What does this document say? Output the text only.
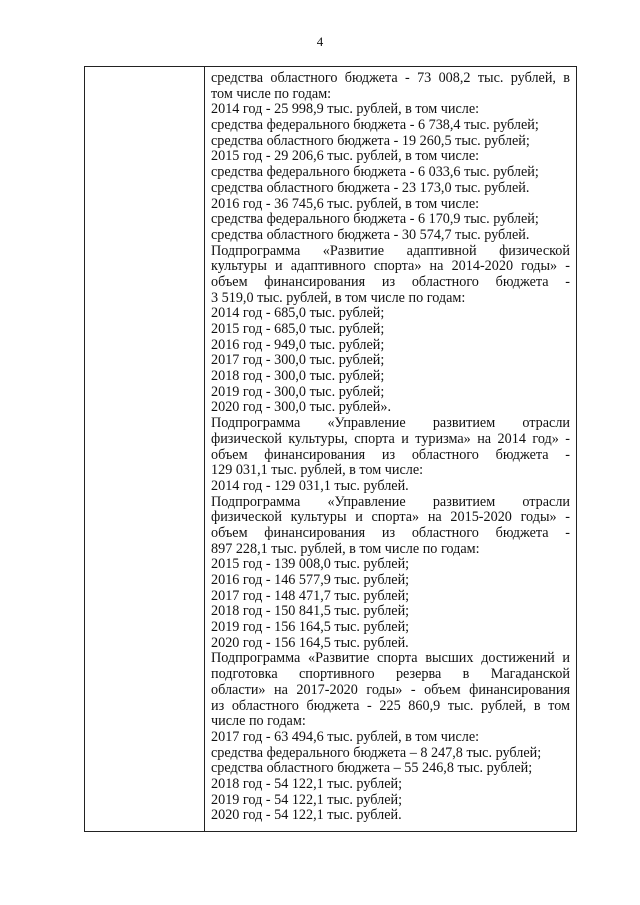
4
средства областного бюджета - 73 008,2 тыс. рублей, в
том числе по годам:
2014 год - 25 998,9 тыс. рублей, в том числе:
средства федерального бюджета - 6 738,4 тыс. рублей;
средства областного бюджета - 19 260,5 тыс. рублей;
2015 год - 29 206,6 тыс. рублей, в том числе:
средства федерального бюджета - 6 033,6 тыс. рублей;
средства областного бюджета - 23 173,0 тыс. рублей.
2016 год - 36 745,6 тыс. рублей, в том числе:
средства федерального бюджета - 6 170,9 тыс. рублей;
средства областного бюджета - 30 574,7 тыс. рублей.
Подпрограмма «Развитие адаптивной физической
культуры и адаптивного спорта» на 2014-2020 годы» -
объем финансирования из областного бюджета -
3 519,0 тыс. рублей, в том числе по годам:
2014 год - 685,0 тыс. рублей;
2015 год - 685,0 тыс. рублей;
2016 год - 949,0 тыс. рублей;
2017 год - 300,0 тыс. рублей;
2018 год - 300,0 тыс. рублей;
2019 год - 300,0 тыс. рублей;
2020 год - 300,0 тыс. рублей».
Подпрограмма «Управление развитием отрасли
физической культуры, спорта и туризма» на 2014 год» -
объем финансирования из областного бюджета -
129 031,1 тыс. рублей, в том числе:
2014 год - 129 031,1 тыс. рублей.
Подпрограмма «Управление развитием отрасли
физической культуры и спорта» на 2015-2020 годы» -
объем финансирования из областного бюджета -
897 228,1 тыс. рублей, в том числе по годам:
2015 год - 139 008,0 тыс. рублей;
2016 год - 146 577,9 тыс. рублей;
2017 год - 148 471,7 тыс. рублей;
2018 год - 150 841,5 тыс. рублей;
2019 год - 156 164,5 тыс. рублей;
2020 год - 156 164,5 тыс. рублей.
Подпрограмма «Развитие спорта высших достижений и
подготовка спортивного резерва в Магаданской
области» на 2017-2020 годы» - объем финансирования
из областного бюджета - 225 860,9 тыс. рублей, в том
числе по годам:
2017 год - 63 494,6 тыс. рублей, в том числе:
средства федерального бюджета – 8 247,8 тыс. рублей;
средства областного бюджета – 55 246,8 тыс. рублей;
2018 год - 54 122,1 тыс. рублей;
2019 год - 54 122,1 тыс. рублей;
2020 год - 54 122,1 тыс. рублей.
